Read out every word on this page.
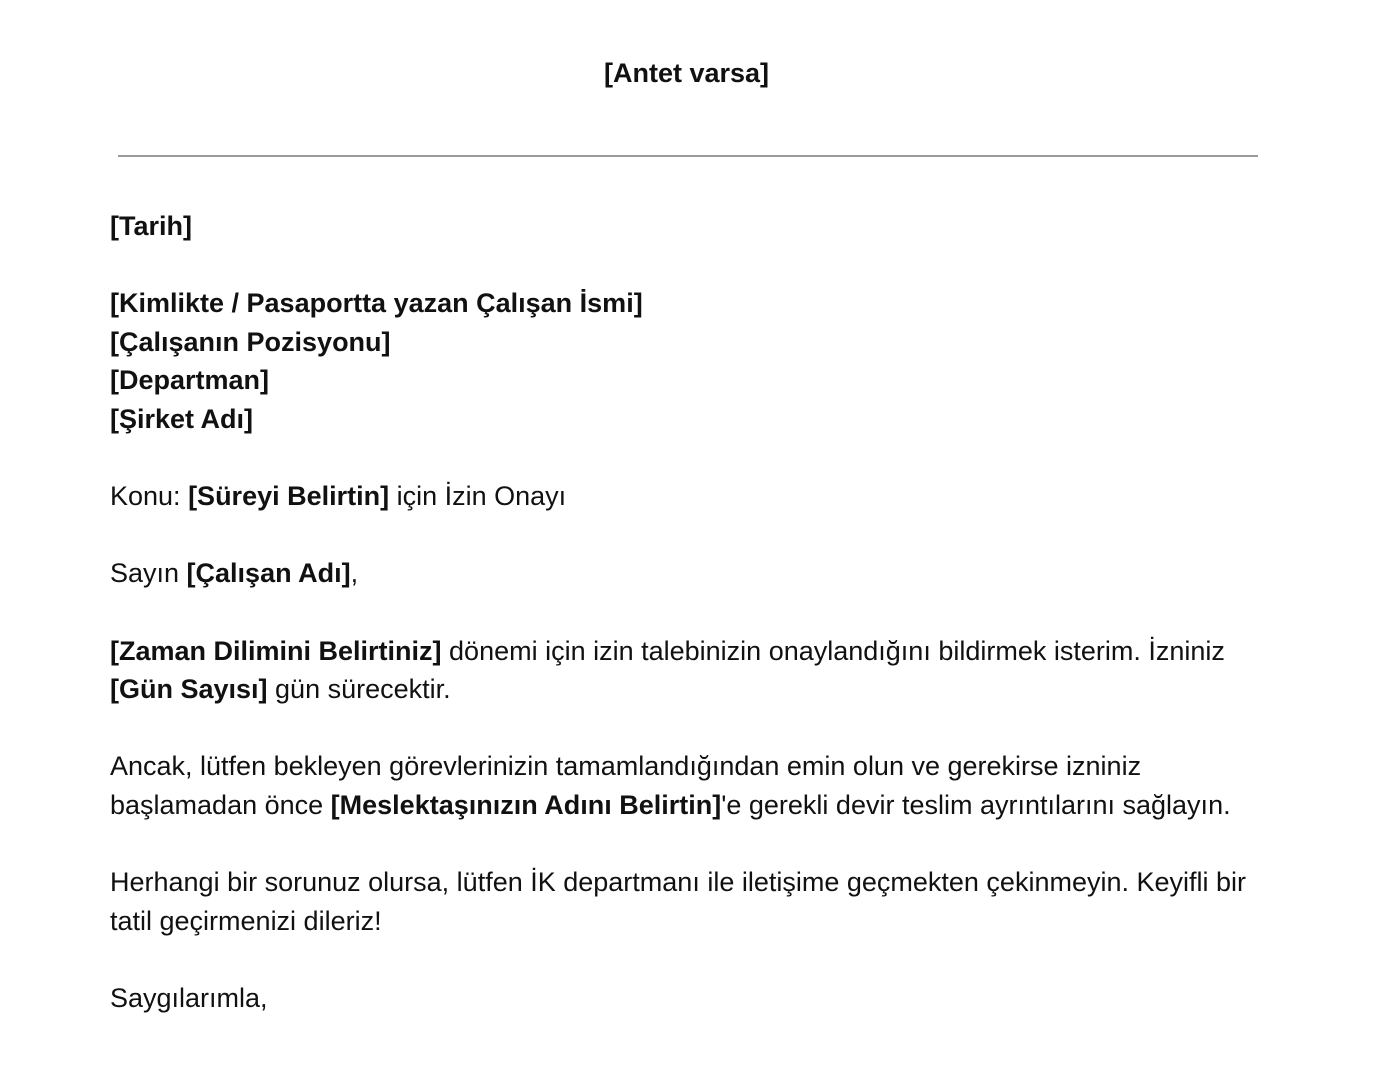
[Antet varsa]
[Tarih]
[Kimlikte / Pasaportta yazan Çalışan İsmi]
[Çalışanın Pozisyonu]
[Departman]
[Şirket Adı]

Konu: [Süreyi Belirtin] için İzin Onayı

Sayın [Çalışan Adı],

[Zaman Dilimini Belirtiniz] dönemi için izin talebinizin onaylandığını bildirmek isterim. İzniniz [Gün Sayısı] gün sürecektir.

Ancak, lütfen bekleyen görevlerinizin tamamlandığından emin olun ve gerekirse izniniz başlamadan önce [Meslektaşınızın Adını Belirtin]'e gerekli devir teslim ayrıntılarını sağlayın.

Herhangi bir sorunuz olursa, lütfen İK departmanı ile iletişime geçmekten çekinmeyin. Keyifli bir tatil geçirmenizi dileriz!

Saygılarımla,
